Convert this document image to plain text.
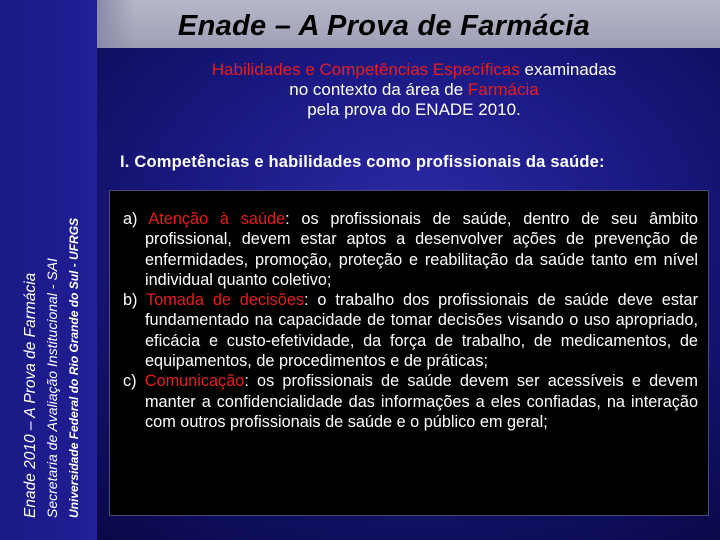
Enade – A Prova de Farmácia
Enade 2010 – A Prova de Farmácia Secretaria de Avaliação Institucional - SAI Universidade Federal do Rio Grande do Sul - UFRGS
Habilidades e Competências Específicas examinadas
no contexto da área de Farmácia
pela prova do ENADE 2010.
I. Competências e habilidades como profissionais da saúde:

a) Atenção à saúde: os profissionais de saúde, dentro de seu âmbito profissional, devem estar aptos a desenvolver ações de prevenção de enfermidades, promoção, proteção e reabilitação da saúde tanto em nível individual quanto coletivo;

b) Tomada de decisões: o trabalho dos profissionais de saúde deve estar fundamentado na capacidade de tomar decisões visando o uso apropriado, eficácia e custo-efetividade, da força de trabalho, de medicamentos, de equipamentos, de procedimentos e de práticas;

c) Comunicação: os profissionais de saúde devem ser acessíveis e devem manter a confidencialidade das informações a eles confiadas, na interação com outros profissionais de saúde e o público em geral;
